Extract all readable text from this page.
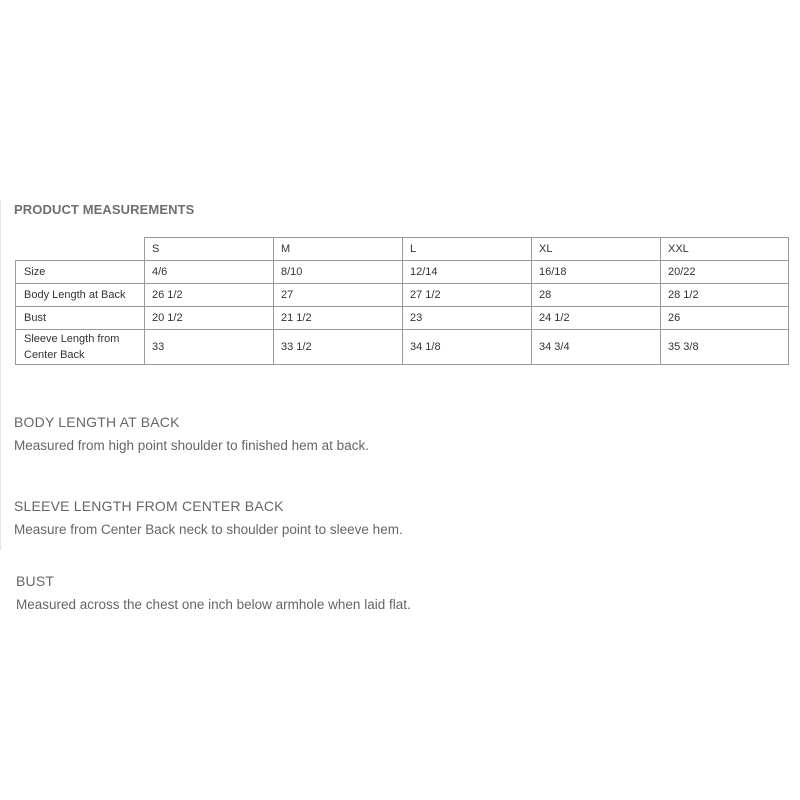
PRODUCT MEASUREMENTS
	S	M	L	XL	XXL
Size	4/6	8/10	12/14	16/18	20/22
Body Length at Back	26 1/2	27	27 1/2	28	28 1/2
Bust	20 1/2	21 1/2	23	24 1/2	26
Sleeve Length from
Center Back	33	33 1/2	34 1/8	34 3/4	35 3/8
BODY LENGTH AT BACK

Measured from high point shoulder to finished hem at back.

SLEEVE LENGTH FROM CENTER BACK

Measure from Center Back neck to shoulder point to sleeve hem.

BUST

Measured across the chest one inch below armhole when laid flat.
